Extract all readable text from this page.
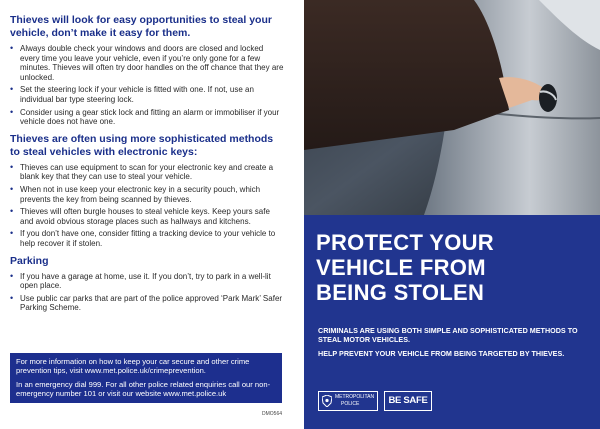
Thieves will look for easy opportunities to steal your vehicle, don’t make it easy for them.
• Always double check your windows and doors are closed and locked every time you leave your vehicle, even if you’re only gone for a few minutes. Thieves will often try door handles on the off chance that they are unlocked.
• Set the steering lock if your vehicle is fitted with one. If not, use an individual bar type steering lock.
• Consider using a gear stick lock and fitting an alarm or immobiliser if your vehicle does not have one.
Thieves are often using more sophisticated methods to steal vehicles with electronic keys:
• Thieves can use equipment to scan for your electronic key and create a blank key that they can use to steal your vehicle.
• When not in use keep your electronic key in a security pouch, which prevents the key from being scanned by thieves.
• Thieves will often burgle houses to steal vehicle keys. Keep yours safe and avoid obvious storage places such as hallways and kitchens.
• If you don’t have one, consider fitting a tracking device to your vehicle to help recover it if stolen.
Parking
• If you have a garage at home, use it. If you don’t, try to park in a well-lit open place.
• Use public car parks that are part of the police approved ‘Park Mark’ Safer Parking Scheme.

For more information on how to keep your car secure and other crime prevention tips, visit www.met.police.uk/crimeprevention.

In an emergency dial 999. For all other police related enquiries call our non-emergency number 101 or visit our website www.met.police.uk

DMO564
PROTECT YOUR
VEHICLE FROM
BEING STOLEN

CRIMINALS ARE USING BOTH SIMPLE AND SOPHISTICATED METHODS TO STEAL MOTOR VEHICLES.

HELP PREVENT YOUR VEHICLE FROM BEING TARGETED BY THIEVES.

METROPOLITAN
POLICE	BE SAFE
